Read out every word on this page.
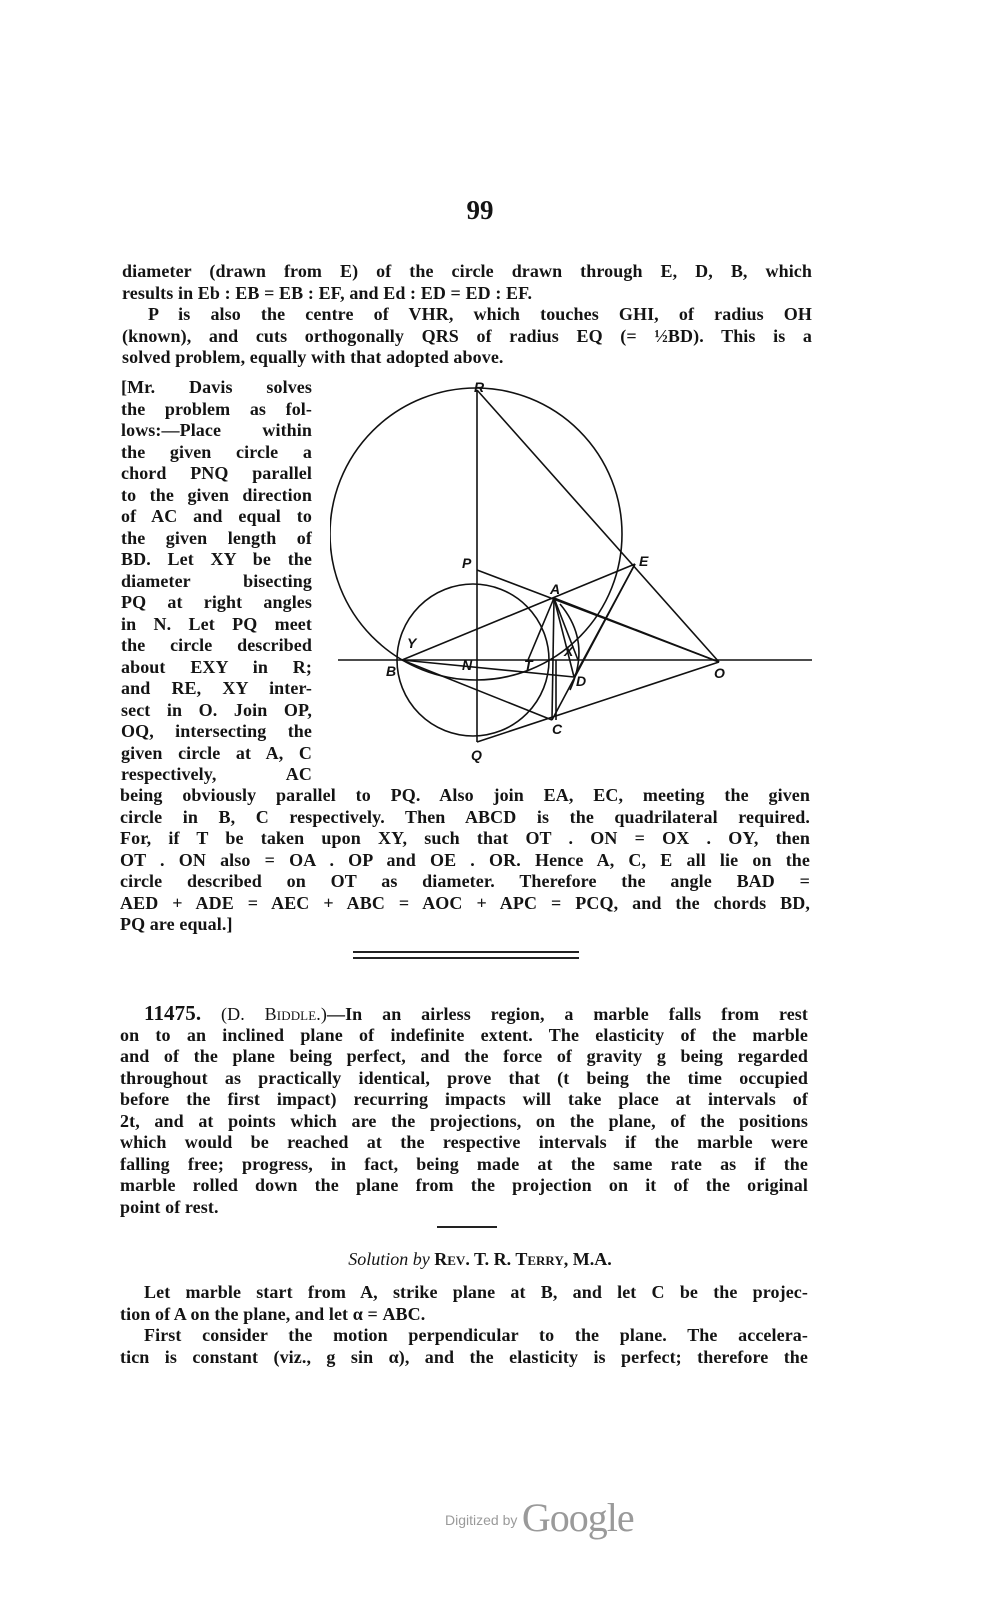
99
diameter (drawn from E) of the circle drawn through E, D, B, which
results in Eb : EB = EB : EF, and Ed : ED = ED : EF.
P is also the centre of VHR, which touches GHI, of radius OH
(known), and cuts orthogonally QRS of radius EQ (= ½BD). This is a
solved problem, equally with that adopted above.
[Mr. Davis solves
the problem as fol-
lows:—Place within
the given circle a
chord PNQ parallel
to the given direction
of AC and equal to
the given length of
BD. Let XY be the
diameter bisecting
PQ at right angles
in N. Let PQ meet
the circle described
about EXY in R;
and RE, XY inter-
sect in O. Join OP,
OQ, intersecting the
given circle at A, C
respectively, AC
R
P	E
A
Y
B	N	T
X
D	O
C
Q
being obviously parallel to PQ. Also join EA, EC, meeting the given
circle in B, C respectively. Then ABCD is the quadrilateral required.
For, if T be taken upon XY, such that OT . ON = OX . OY, then
OT . ON also = OA . OP and OE . OR. Hence A, C, E all lie on the
circle described on OT as diameter. Therefore the angle BAD =
AED + ADE = AEC + ABC = AOC + APC = PCQ, and the chords BD,
PQ are equal.]
11475. (D. Biddle.)—In an airless region, a marble falls from rest
on to an inclined plane of indefinite extent. The elasticity of the marble
and of the plane being perfect, and the force of gravity g being regarded
throughout as practically identical, prove that (t being the time occupied
before the first impact) recurring impacts will take place at intervals of
2t, and at points which are the projections, on the plane, of the positions
which would be reached at the respective intervals if the marble were
falling free; progress, in fact, being made at the same rate as if the
marble rolled down the plane from the projection on it of the original
point of rest.
Solution by Rev. T. R. Terry, M.A.
Let marble start from A, strike plane at B, and let C be the projec-
tion of A on the plane, and let α = ABC.
First consider the motion perpendicular to the plane. The accelera-
ticn is constant (viz., g sin α), and the elasticity is perfect; therefore the
Digitized by Google
